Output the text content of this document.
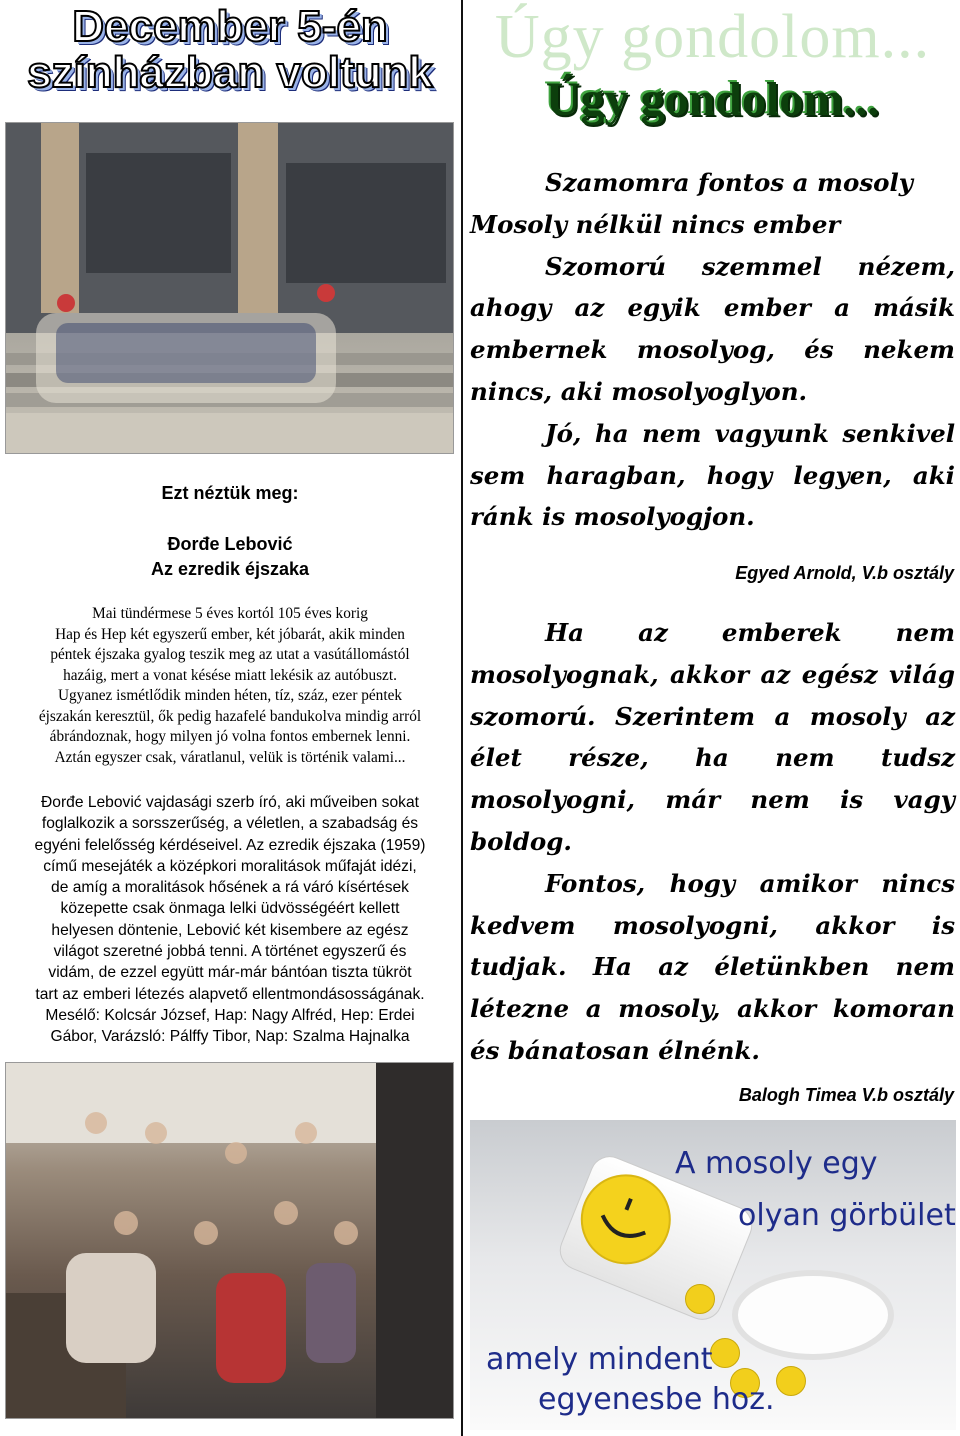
December 5-én
színházban voltunk
Ezt néztük meg:
Đorđe Lebović
Az ezredik éjszaka
Mai tündérmese 5 éves kortól 105 éves korig
Hap és Hep két egyszerű ember, két jóbarát, akik minden
péntek éjszaka gyalog teszik meg az utat a vasútállomástól
hazáig, mert a vonat késése miatt lekésik az autóbuszt.
Ugyanez ismétlődik minden héten, tíz, száz, ezer péntek
éjszakán keresztül, ők pedig hazafelé bandukolva mindig arról
ábrándoznak, hogy milyen jó volna fontos embernek lenni.
Aztán egyszer csak, váratlanul, velük is történik valami...
Đorđe Lebović vajdasági szerb író, aki műveiben sokat
foglalkozik a sorsszerűség, a véletlen, a szabadság és
egyéni felelősség kérdéseivel. Az ezredik éjszaka (1959)
című mesejáték a középkori moralitások műfaját idézi,
de amíg a moralitások hősének a rá váró kísértések
közepette csak önmaga lelki üdvösségéért kellett
helyesen döntenie, Lebović két kisembere az egész
világot szeretné jobbá tenni. A történet egyszerű és
vidám, de ezzel együtt már-már bántóan tiszta tükröt
tart az emberi létezés alapvető ellentmondásosságának.
Mesélő: Kolcsár József, Hap: Nagy Alfréd, Hep: Erdei
Gábor, Varázsló: Pálffy Tibor, Nap: Szalma Hajnalka
Úgy gondolom...
Úgy gondolom...

Szamomra fontos a mosoly

Mosoly nélkül nincs ember

Szomorú szemmel nézem, ahogy az egyik ember a másik embernek mosolyog, és nekem nincs, aki mosolyoglyon.

Jó, ha nem vagyunk senkivel sem haragban, hogy legyen, aki ránk is mosolyogjon.

Egyed Arnold, V.b osztály

Ha az emberek nem mosolyognak, akkor az egész világ szomorú. Szerintem a mosoly az élet része, ha nem tudsz mosolyogni, már nem is vagy boldog.

Fontos, hogy amikor nincs kedvem mosolyogni, akkor is tudjak. Ha az életünkben nem létezne a mosoly, akkor komoran és bánatosan élnénk.

Balogh Timea V.b osztály
A mosoly egy
olyan görbület
amely mindent
egyenesbe hoz.
